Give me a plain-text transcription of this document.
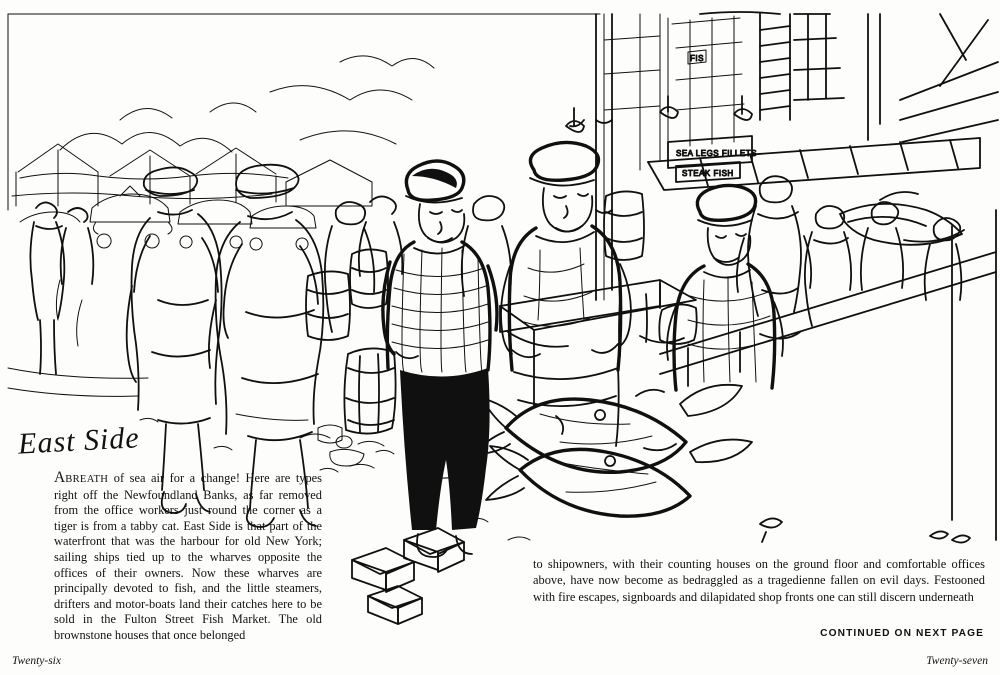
SEA LEGS FILLETS
STEAK FISH
FIS
East Side
ABREATH of sea air for a change! Here are types right off the Newfoundland Banks, as far removed from the office workers just round the corner as a tiger is from a tabby cat. East Side is that part of the waterfront that was the harbour for old New York; sailing ships tied up to the wharves opposite the offices of their owners. Now these wharves are principally devoted to fish, and the little steamers, drifters and motor-boats land their catches here to be sold in the Fulton Street Fish Market. The old brownstone houses that once belonged
to shipowners, with their counting houses on the ground floor and comfortable offices above, have now become as bedraggled as a tragedienne fallen on evil days. Festooned with fire escapes, signboards and dilapidated shop fronts one can still discern underneath
CONTINUED ON NEXT PAGE
Twenty-six	Twenty-seven
